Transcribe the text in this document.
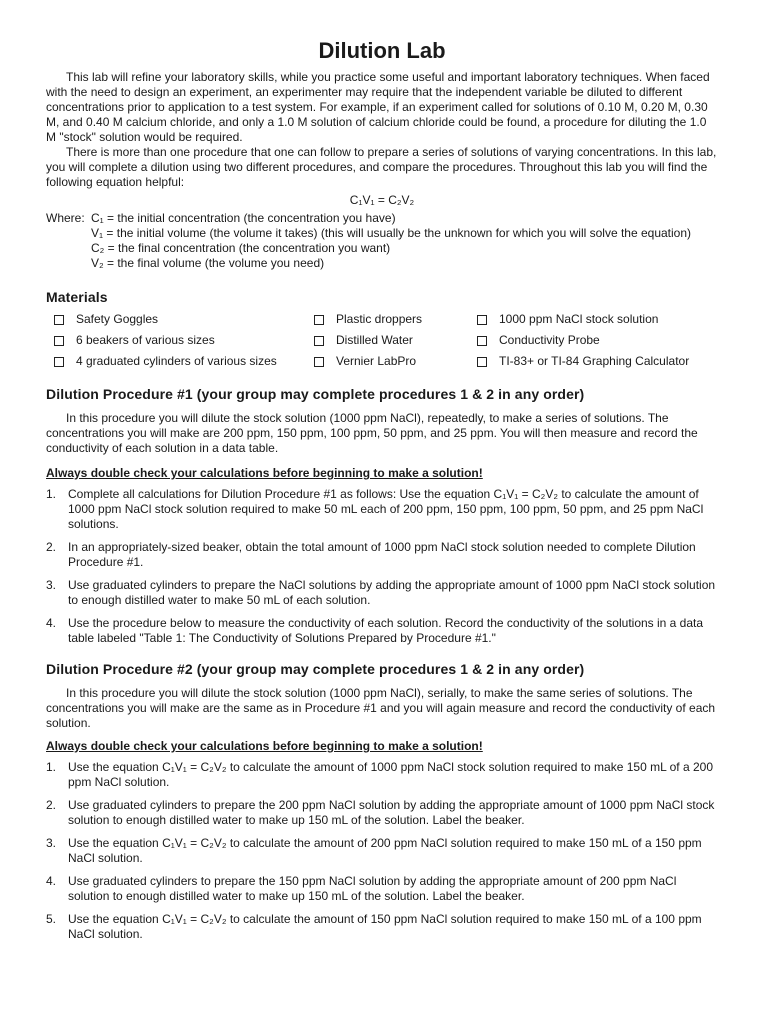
Dilution Lab

This lab will refine your laboratory skills, while you practice some useful and important laboratory techniques. When faced with the need to design an experiment, an experimenter may require that the independent variable be diluted to different concentrations prior to application to a test system. For example, if an experiment called for solutions of 0.10 M, 0.20 M, 0.30 M, and 0.40 M calcium chloride, and only a 1.0 M solution of calcium chloride could be found, a procedure for diluting the 1.0 M "stock" solution would be required.

There is more than one procedure that one can follow to prepare a series of solutions of varying concentrations. In this lab, you will complete a dilution using two different procedures, and compare the procedures. Throughout this lab you will find the following equation helpful:

C₁V₁ = C₂V₂
Where: C₁ = the initial concentration (the concentration you have)
V₁ = the initial volume (the volume it takes) (this will usually be the unknown for which you will solve the equation)
C₂ = the final concentration (the concentration you want)
V₂ = the final volume (the volume you need)
Materials
Safety Goggles	Plastic droppers	1000 ppm NaCl stock solution
6 beakers of various sizes	Distilled Water	Conductivity Probe
4 graduated cylinders of various sizes	Vernier LabPro	TI-83+ or TI-84 Graphing Calculator
Dilution Procedure #1 (your group may complete procedures 1 & 2 in any order)

In this procedure you will dilute the stock solution (1000 ppm NaCl), repeatedly, to make a series of solutions. The concentrations you will make are 200 ppm, 150 ppm, 100 ppm, 50 ppm, and 25 ppm. You will then measure and record the conductivity of each solution in a data table.

Always double check your calculations before beginning to make a solution!
1. Complete all calculations for Dilution Procedure #1 as follows: Use the equation C₁V₁ = C₂V₂ to calculate the amount of 1000 ppm NaCl stock solution required to make 50 mL each of 200 ppm, 150 ppm, 100 ppm, 50 ppm, and 25 ppm NaCl solutions.
2. In an appropriately-sized beaker, obtain the total amount of 1000 ppm NaCl stock solution needed to complete Dilution Procedure #1.
3. Use graduated cylinders to prepare the NaCl solutions by adding the appropriate amount of 1000 ppm NaCl stock solution to enough distilled water to make 50 mL of each solution.
4. Use the procedure below to measure the conductivity of each solution. Record the conductivity of the solutions in a data table labeled "Table 1: The Conductivity of Solutions Prepared by Procedure #1."
Dilution Procedure #2 (your group may complete procedures 1 & 2 in any order)

In this procedure you will dilute the stock solution (1000 ppm NaCl), serially, to make the same series of solutions. The concentrations you will make are the same as in Procedure #1 and you will again measure and record the conductivity of each solution.

Always double check your calculations before beginning to make a solution!
1. Use the equation C₁V₁ = C₂V₂ to calculate the amount of 1000 ppm NaCl stock solution required to make 150 mL of a 200 ppm NaCl solution.
2. Use graduated cylinders to prepare the 200 ppm NaCl solution by adding the appropriate amount of 1000 ppm NaCl stock solution to enough distilled water to make up 150 mL of the solution. Label the beaker.
3. Use the equation C₁V₁ = C₂V₂ to calculate the amount of 200 ppm NaCl solution required to make 150 mL of a 150 ppm NaCl solution.
4. Use graduated cylinders to prepare the 150 ppm NaCl solution by adding the appropriate amount of 200 ppm NaCl solution to enough distilled water to make up 150 mL of the solution. Label the beaker.
5. Use the equation C₁V₁ = C₂V₂ to calculate the amount of 150 ppm NaCl solution required to make 150 mL of a 100 ppm NaCl solution.
